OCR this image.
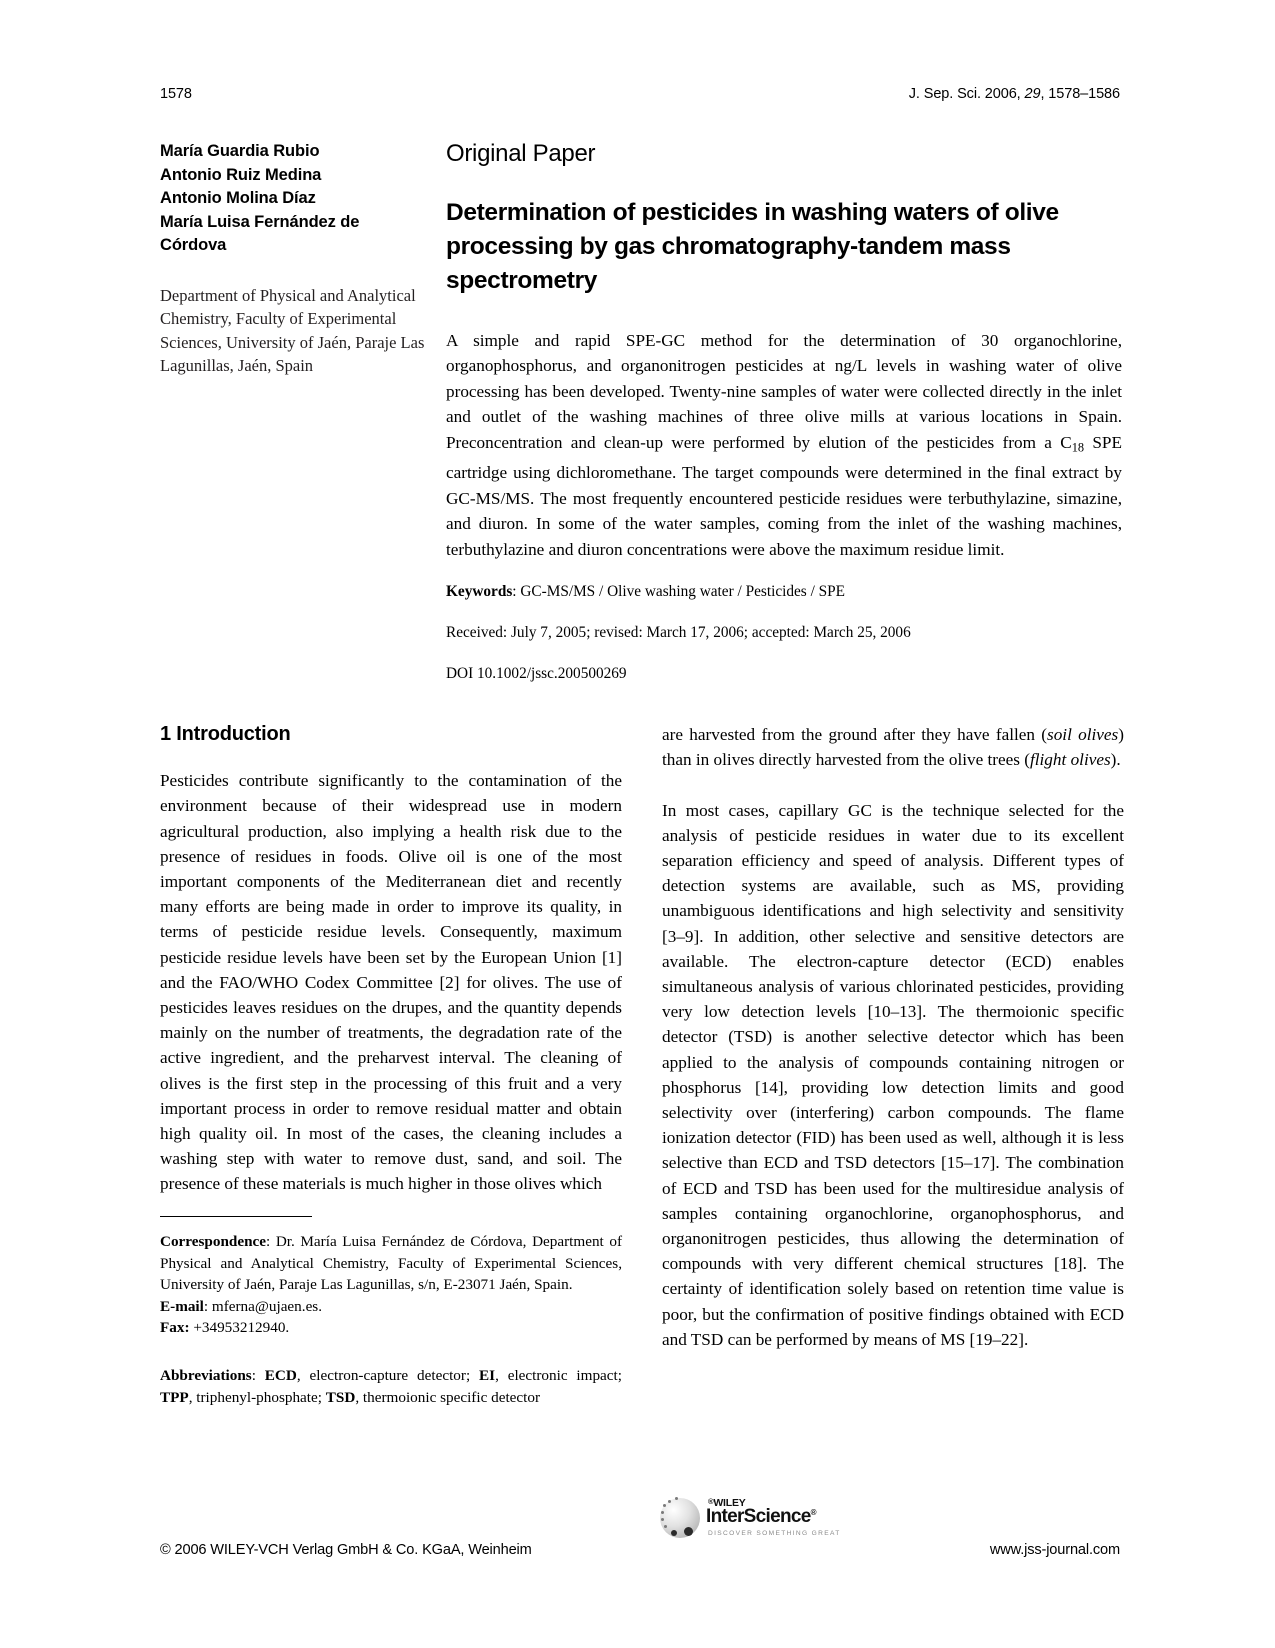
1578	J. Sep. Sci. 2006, 29, 1578–1586
María Guardia Rubio
Antonio Ruiz Medina
Antonio Molina Díaz
María Luisa Fernández de
Córdova
Department of Physical and Analytical Chemistry, Faculty of Experimental Sciences, University of Jaén, Paraje Las Lagunillas, Jaén, Spain
Original Paper
Determination of pesticides in washing waters of olive processing by gas chromatography-tandem mass spectrometry
A simple and rapid SPE-GC method for the determination of 30 organochlorine, organophosphorus, and organonitrogen pesticides at ng/L levels in washing water of olive processing has been developed. Twenty-nine samples of water were collected directly in the inlet and outlet of the washing machines of three olive mills at various locations in Spain. Preconcentration and clean-up were performed by elution of the pesticides from a $C_{18}$ SPE cartridge using dichloromethane. The target compounds were determined in the final extract by GC-MS/MS. The most frequently encountered pesticide residues were terbuthylazine, simazine, and diuron. In some of the water samples, coming from the inlet of the washing machines, terbuthylazine and diuron concentrations were above the maximum residue limit.
Keywords: GC-MS/MS / Olive washing water / Pesticides / SPE
Received: July 7, 2005; revised: March 17, 2006; accepted: March 25, 2006
DOI 10.1002/jssc.200500269
1 Introduction

Pesticides contribute significantly to the contamination of the environment because of their widespread use in modern agricultural production, also implying a health risk due to the presence of residues in foods. Olive oil is one of the most important components of the Mediterranean diet and recently many efforts are being made in order to improve its quality, in terms of pesticide residue levels. Consequently, maximum pesticide residue levels have been set by the European Union [1] and the FAO/WHO Codex Committee [2] for olives. The use of pesticides leaves residues on the drupes, and the quantity depends mainly on the number of treatments, the degradation rate of the active ingredient, and the preharvest interval. The cleaning of olives is the first step in the processing of this fruit and a very important process in order to remove residual matter and obtain high quality oil. In most of the cases, the cleaning includes a washing step with water to remove dust, sand, and soil. The presence of these materials is much higher in those olives which

are harvested from the ground after they have fallen (soil olives) than in olives directly harvested from the olive trees (flight olives).

In most cases, capillary GC is the technique selected for the analysis of pesticide residues in water due to its excellent separation efficiency and speed of analysis. Different types of detection systems are available, such as MS, providing unambiguous identifications and high selectivity and sensitivity [3–9]. In addition, other selective and sensitive detectors are available. The electron-capture detector (ECD) enables simultaneous analysis of various chlorinated pesticides, providing very low detection levels [10–13]. The thermoionic specific detector (TSD) is another selective detector which has been applied to the analysis of compounds containing nitrogen or phosphorus [14], providing low detection limits and good selectivity over (interfering) carbon compounds. The flame ionization detector (FID) has been used as well, although it is less selective than ECD and TSD detectors [15–17]. The combination of ECD and TSD has been used for the multiresidue analysis of samples containing organochlorine, organophosphorus, and organonitrogen pesticides, thus allowing the determination of compounds with very different chemical structures [18]. The certainty of identification solely based on retention time value is poor, but the confirmation of positive findings obtained with ECD and TSD can be performed by means of MS [19–22].

Correspondence: Dr. María Luisa Fernández de Córdova, Department of Physical and Analytical Chemistry, Faculty of Experimental Sciences, University of Jaén, Paraje Las Lagunillas, s/n, E-23071 Jaén, Spain.
E-mail: mferna@ujaen.es.
Fax: +34953212940.
Abbreviations: ECD, electron-capture detector; EI, electronic impact; TPP, triphenyl-phosphate; TSD, thermoionic specific detector
© 2006 WILEY-VCH Verlag GmbH & Co. KGaA, Weinheim
®WILEY
InterScience®
DISCOVER SOMETHING GREAT
www.jss-journal.com
